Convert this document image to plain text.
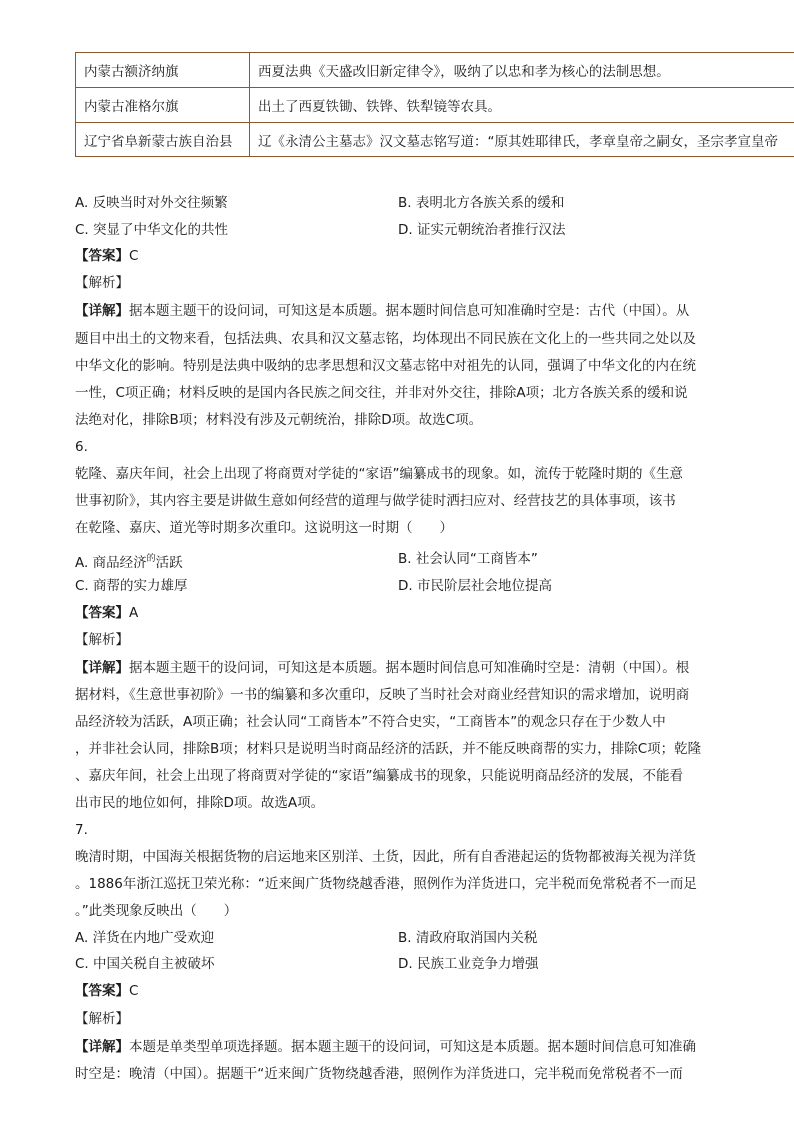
内蒙古额济纳旗	西夏法典《天盛改旧新定律令》，吸纳了以忠和孝为核心的法制思想。
内蒙古准格尔旗	出土了西夏铁锄、铁铧、铁犁镜等农具。
辽宁省阜新蒙古族自治县	辽《永清公主墓志》汉文墓志铭写道：“原其姓耶律氏，孝章皇帝之嗣女，圣宗孝宣皇帝
A. 反映当时对外交往频繁	B. 表明北方各族关系的缓和
C. 突显了中华文化的共性	D. 证实元朝统治者推行汉法
【答案】C
【解析】
【详解】据本题主题干的设问词，可知这是本质题。据本题时间信息可知准确时空是：古代（中国）。从
题目中出土的文物来看，包括法典、农具和汉文墓志铭，均体现出不同民族在文化上的一些共同之处以及
中华文化的影响。特别是法典中吸纳的忠孝思想和汉文墓志铭中对祖先的认同，强调了中华文化的内在统
一性，C项正确；材料反映的是国内各民族之间交往，并非对外交往，排除A项；北方各族关系的缓和说
法绝对化，排除B项；材料没有涉及元朝统治，排除D项。故选C项。
6.
乾隆、嘉庆年间，社会上出现了将商贾对学徒的“家语”编纂成书的现象。如，流传于乾隆时期的《生意
世事初阶》，其内容主要是讲做生意如何经营的道理与做学徒时洒扫应对、经营技艺的具体事项，该书
在乾隆、嘉庆、道光等时期多次重印。这说明这一时期（　　）
A. 商品经济$^的$活跃	B. 社会认同“工商皆本”
C. 商帮的实力雄厚	D. 市民阶层社会地位提高
【答案】A
【解析】
【详解】据本题主题干的设问词，可知这是本质题。据本题时间信息可知准确时空是：清朝（中国）。根
据材料，《生意世事初阶》一书的编纂和多次重印，反映了当时社会对商业经营知识的需求增加，说明商
品经济较为活跃，A项正确；社会认同“工商皆本”不符合史实，“工商皆本”的观念只存在于少数人中
，并非社会认同，排除B项；材料只是说明当时商品经济的活跃，并不能反映商帮的实力，排除C项；乾隆
、嘉庆年间，社会上出现了将商贾对学徒的“家语”编纂成书的现象，只能说明商品经济的发展，不能看
出市民的地位如何，排除D项。故选A项。
7.
晚清时期，中国海关根据货物的启运地来区别洋、土货，因此，所有自香港起运的货物都被海关视为洋货
。1886年浙江巡抚卫荣光称：“近来闽广货物绕越香港，照例作为洋货进口，完半税而免常税者不一而足
。”此类现象反映出（　　）
A. 洋货在内地广受欢迎	B. 清政府取消国内关税
C. 中国关税自主被破坏	D. 民族工业竞争力增强
【答案】C
【解析】
【详解】本题是单类型单项选择题。据本题主题干的设问词，可知这是本质题。据本题时间信息可知准确
时空是：晚清（中国）。据题干“近来闽广货物绕越香港，照例作为洋货进口，完半税而免常税者不一而
